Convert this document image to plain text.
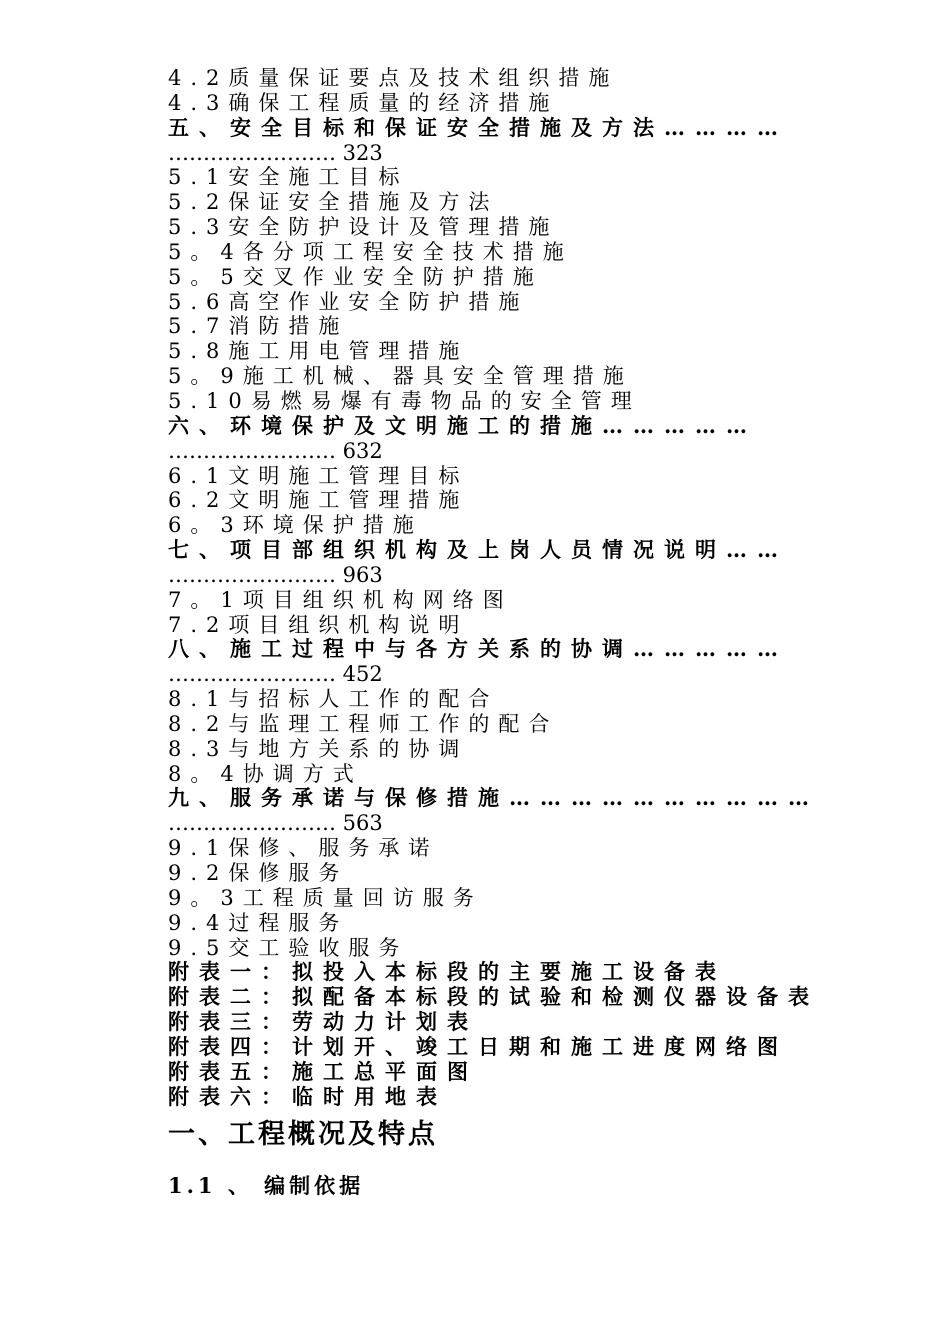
4.2质量保证要点及技术组织措施
4.3确保工程质量的经济措施
五、安全目标和保证安全措施及方法…………
…………………… 323
5.1安全施工目标
5.2保证安全措施及方法
5.3安全防护设计及管理措施
5。4各分项工程安全技术措施
5。5交叉作业安全防护措施
5.6高空作业安全防护措施
5.7消防措施
5.8施工用电管理措施
5。9施工机械、器具安全管理措施
5.10易燃易爆有毒物品的安全管理
六、环境保护及文明施工的措施……………
…………………… 632
6.1文明施工管理目标
6.2文明施工管理措施
6。3环境保护措施
七、项目部组织机构及上岗人员情况说明……
…………………… 963
7。1项目组织机构网络图
7.2项目组织机构说明
八、施工过程中与各方关系的协调……………
…………………… 452
8.1与招标人工作的配合
8.2与监理工程师工作的配合
8.3与地方关系的协调
8。4协调方式
九、服务承诺与保修措施…………………………
…………………… 563
9.1保修、服务承诺
9.2保修服务
9。3工程质量回访服务
9.4过程服务
9.5交工验收服务
附表一：拟投入本标段的主要施工设备表
附表二：拟配备本标段的试验和检测仪器设备表
附表三：劳动力计划表
附表四：计划开、竣工日期和施工进度网络图
附表五：施工总平面图
附表六：临时用地表
一、工程概况及特点
1.1 、 编制依据
